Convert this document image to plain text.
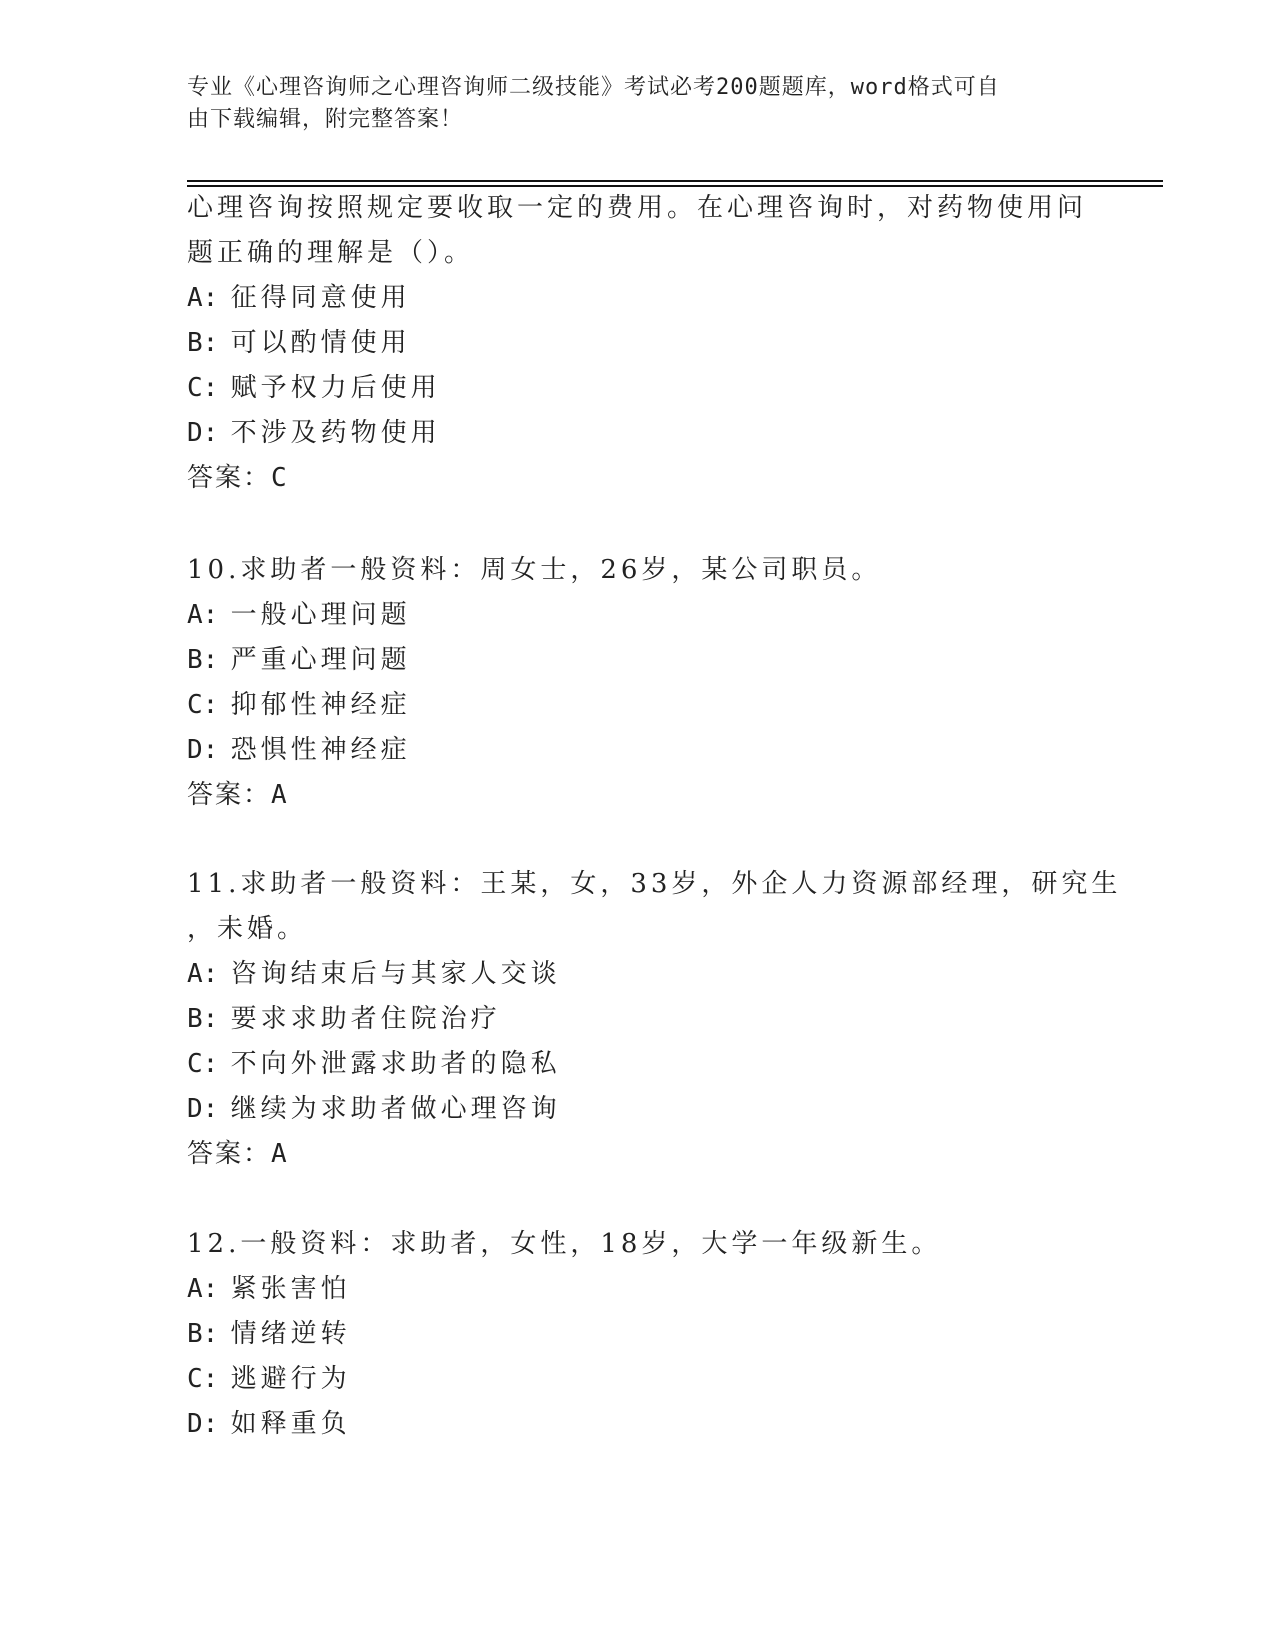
专业《心理咨询师之心理咨询师二级技能》考试必考200题题库，word格式可自
由下载编辑，附完整答案！
心理咨询按照规定要收取一定的费用。在心理咨询时，对药物使用问
题正确的理解是（）。
A: 征得同意使用
B: 可以酌情使用
C: 赋予权力后使用
D: 不涉及药物使用
答案：C
10.求助者一般资料：周女士，26岁，某公司职员。
A: 一般心理问题
B: 严重心理问题
C: 抑郁性神经症
D: 恐惧性神经症
答案：A
11.求助者一般资料：王某，女，33岁，外企人力资源部经理，研究生
，未婚。
A: 咨询结束后与其家人交谈
B: 要求求助者住院治疗
C: 不向外泄露求助者的隐私
D: 继续为求助者做心理咨询
答案：A
12.一般资料：求助者，女性，18岁，大学一年级新生。
A: 紧张害怕
B: 情绪逆转
C: 逃避行为
D: 如释重负
